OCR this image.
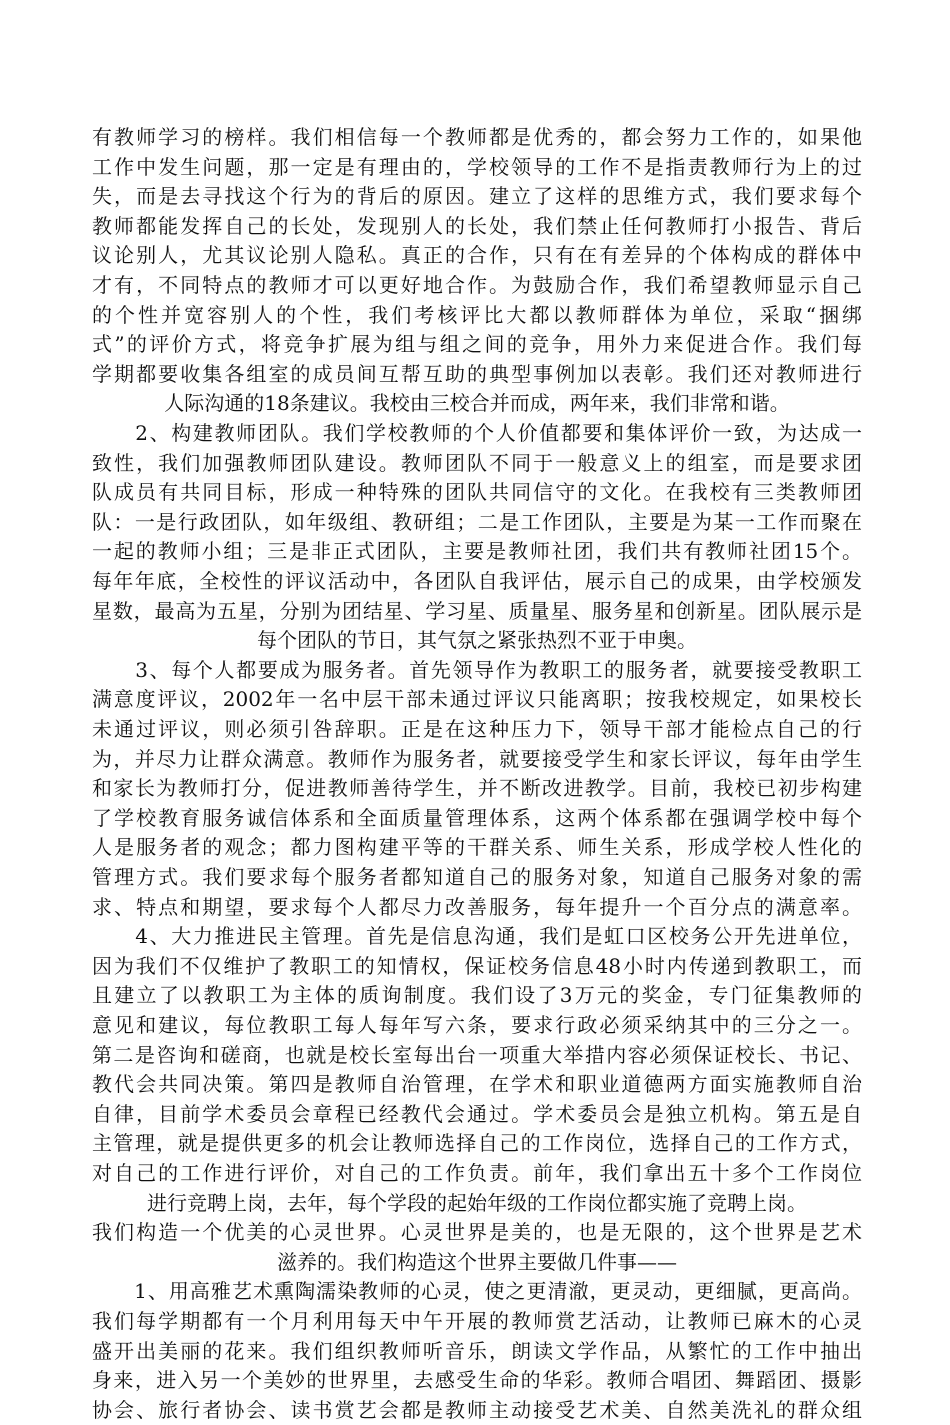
有教师学习的榜样。我们相信每一个教师都是优秀的，都会努力工作的，如果他
工作中发生问题，那一定是有理由的，学校领导的工作不是指责教师行为上的过
失，而是去寻找这个行为的背后的原因。建立了这样的思维方式，我们要求每个
教师都能发挥自己的长处，发现别人的长处，我们禁止任何教师打小报告、背后
议论别人，尤其议论别人隐私。真正的合作，只有在有差异的个体构成的群体中
才有，不同特点的教师才可以更好地合作。为鼓励合作，我们希望教师显示自己
的个性并宽容别人的个性，我们考核评比大都以教师群体为单位，采取“捆绑
式”的评价方式，将竞争扩展为组与组之间的竞争，用外力来促进合作。我们每
学期都要收集各组室的成员间互帮互助的典型事例加以表彰。我们还对教师进行
人际沟通的18条建议。我校由三校合并而成，两年来，我们非常和谐。
　　2、构建教师团队。我们学校教师的个人价值都要和集体评价一致，为达成一
致性，我们加强教师团队建设。教师团队不同于一般意义上的组室，而是要求团
队成员有共同目标，形成一种特殊的团队共同信守的文化。在我校有三类教师团
队：一是行政团队，如年级组、教研组；二是工作团队，主要是为某一工作而聚在
一起的教师小组；三是非正式团队，主要是教师社团，我们共有教师社团15个。
每年年底，全校性的评议活动中，各团队自我评估，展示自己的成果，由学校颁发
星数，最高为五星，分别为团结星、学习星、质量星、服务星和创新星。团队展示是
每个团队的节日，其气氛之紧张热烈不亚于申奥。
　　3、每个人都要成为服务者。首先领导作为教职工的服务者，就要接受教职工
满意度评议，2002年一名中层干部未通过评议只能离职；按我校规定，如果校长
未通过评议，则必须引咎辞职。正是在这种压力下，领导干部才能检点自己的行
为，并尽力让群众满意。教师作为服务者，就要接受学生和家长评议，每年由学生
和家长为教师打分，促进教师善待学生，并不断改进教学。目前，我校已初步构建
了学校教育服务诚信体系和全面质量管理体系，这两个体系都在强调学校中每个
人是服务者的观念；都力图构建平等的干群关系、师生关系，形成学校人性化的
管理方式。我们要求每个服务者都知道自己的服务对象，知道自己服务对象的需
求、特点和期望，要求每个人都尽力改善服务，每年提升一个百分点的满意率。
　　4、大力推进民主管理。首先是信息沟通，我们是虹口区校务公开先进单位，
因为我们不仅维护了教职工的知情权，保证校务信息48小时内传递到教职工，而
且建立了以教职工为主体的质询制度。我们设了3万元的奖金，专门征集教师的
意见和建议，每位教职工每人每年写六条，要求行政必须采纳其中的三分之一。
第二是咨询和磋商，也就是校长室每出台一项重大举措内容必须保证校长、书记、
教代会共同决策。第四是教师自治管理，在学术和职业道德两方面实施教师自治
自律，目前学术委员会章程已经教代会通过。学术委员会是独立机构。第五是自
主管理，就是提供更多的机会让教师选择自己的工作岗位，选择自己的工作方式，
对自己的工作进行评价，对自己的工作负责。前年，我们拿出五十多个工作岗位
进行竞聘上岗，去年，每个学段的起始年级的工作岗位都实施了竞聘上岗。
我们构造一个优美的心灵世界。心灵世界是美的，也是无限的，这个世界是艺术
滋养的。我们构造这个世界主要做几件事——
　　1、用高雅艺术熏陶濡染教师的心灵，使之更清澈，更灵动，更细腻，更高尚。
我们每学期都有一个月利用每天中午开展的教师赏艺活动，让教师已麻木的心灵
盛开出美丽的花来。我们组织教师听音乐，朗读文学作品，从繁忙的工作中抽出
身来，进入另一个美妙的世界里，去感受生命的华彩。教师合唱团、舞蹈团、摄影
协会、旅行者协会、读书赏艺会都是教师主动接受艺术美、自然美洗礼的群众组
